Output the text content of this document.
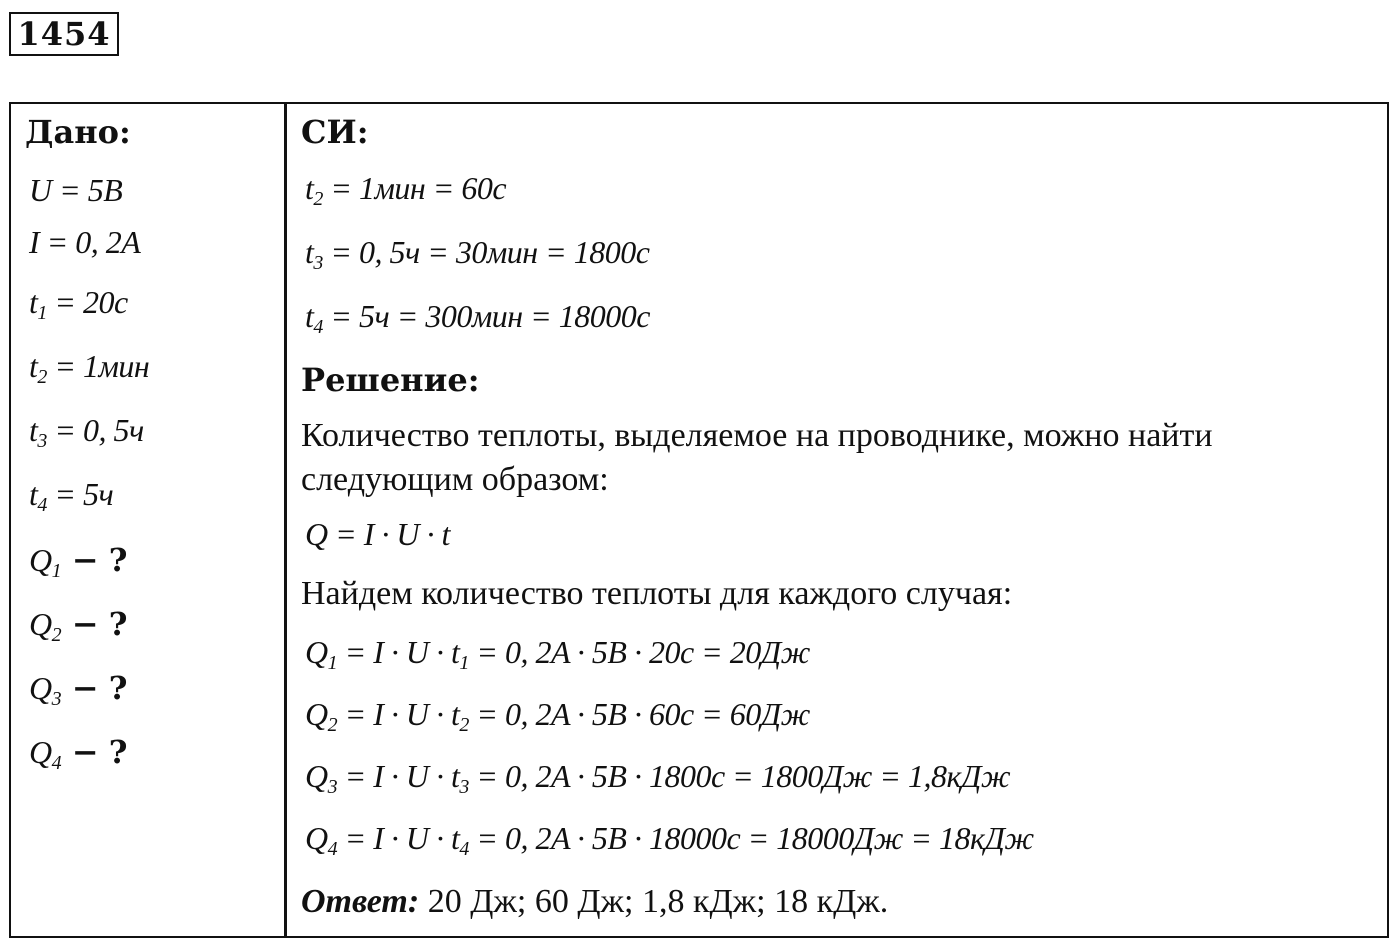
1454
Дано:
U = 5B
I = 0, 2A
$t_1 = 20c$
$t_2 = 1мин$
$t_3 = 0$, 5ч
$t_4 = 5ч$
$Q_1$ − ?
$Q_2$ − ?
$Q_3$ − ?
$Q_4$ − ?
СИ:
$t_2 = 1мин = 60c$
$t_3 = 0$, 5ч = 30мин = 1800c
$t_4 = 5ч = 300мин = 18000c$
Решение:
Количество теплоты, выделяемое на проводнике, можно найти
следующим образом:
Q = I · U · t
Найдем количество теплоты для каждого случая:
$Q_1 = I \cdot U \cdot t_1 = 0$, 2A · 5B · 20c = 20Дж
$Q_2 = I \cdot U \cdot t_2 = 0$, 2A · 5B · 60c = 60Дж
$Q_3 = I \cdot U \cdot t_3 = 0$, 2A · 5B · 1800c = 1800Дж = 1,8кДж
$Q_4 = I \cdot U \cdot t_4 = 0$, 2A · 5B · 18000c = 18000Дж = 18кДж
Ответ: 20 Дж; 60 Дж; 1,8 кДж; 18 кДж.
